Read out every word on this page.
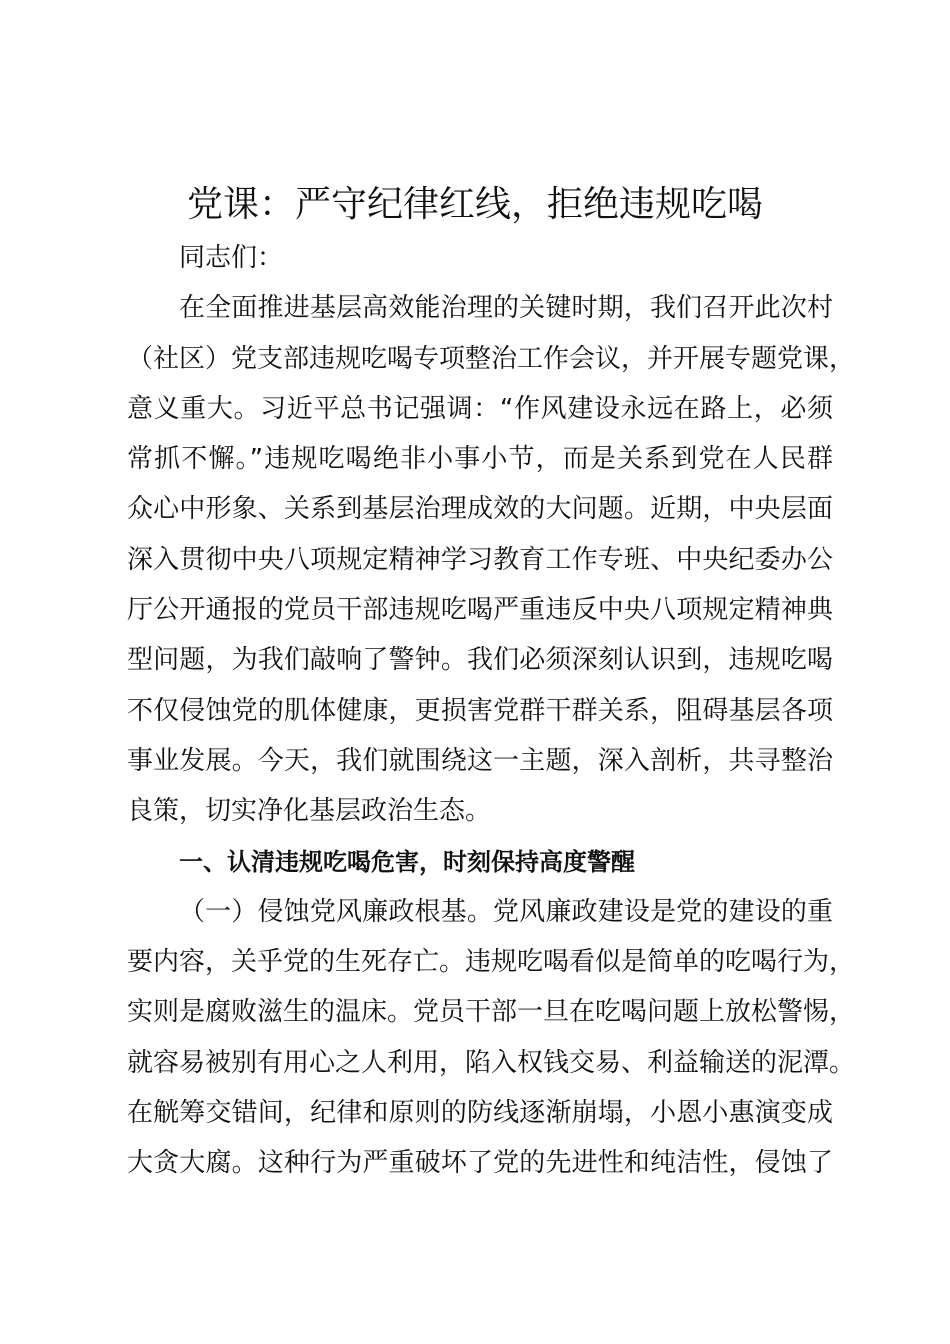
党课：严守纪律红线，拒绝违规吃喝

同志们：

在全面推进基层高效能治理的关键时期，我们召开此次村

（社区）党支部违规吃喝专项整治工作会议，并开展专题党课，

意义重大。习近平总书记强调：“作风建设永远在路上，必须

常抓不懈。”违规吃喝绝非小事小节，而是关系到党在人民群

众心中形象、关系到基层治理成效的大问题。近期，中央层面

深入贯彻中央八项规定精神学习教育工作专班、中央纪委办公

厅公开通报的党员干部违规吃喝严重违反中央八项规定精神典

型问题，为我们敲响了警钟。我们必须深刻认识到，违规吃喝

不仅侵蚀党的肌体健康，更损害党群干群关系，阻碍基层各项

事业发展。今天，我们就围绕这一主题，深入剖析，共寻整治

良策，切实净化基层政治生态。

一、认清违规吃喝危害，时刻保持高度警醒

（一）侵蚀党风廉政根基。党风廉政建设是党的建设的重

要内容，关乎党的生死存亡。违规吃喝看似是简单的吃喝行为，

实则是腐败滋生的温床。党员干部一旦在吃喝问题上放松警惕，

就容易被别有用心之人利用，陷入权钱交易、利益输送的泥潭。

在觥筹交错间，纪律和原则的防线逐渐崩塌，小恩小惠演变成

大贪大腐。这种行为严重破坏了党的先进性和纯洁性，侵蚀了
